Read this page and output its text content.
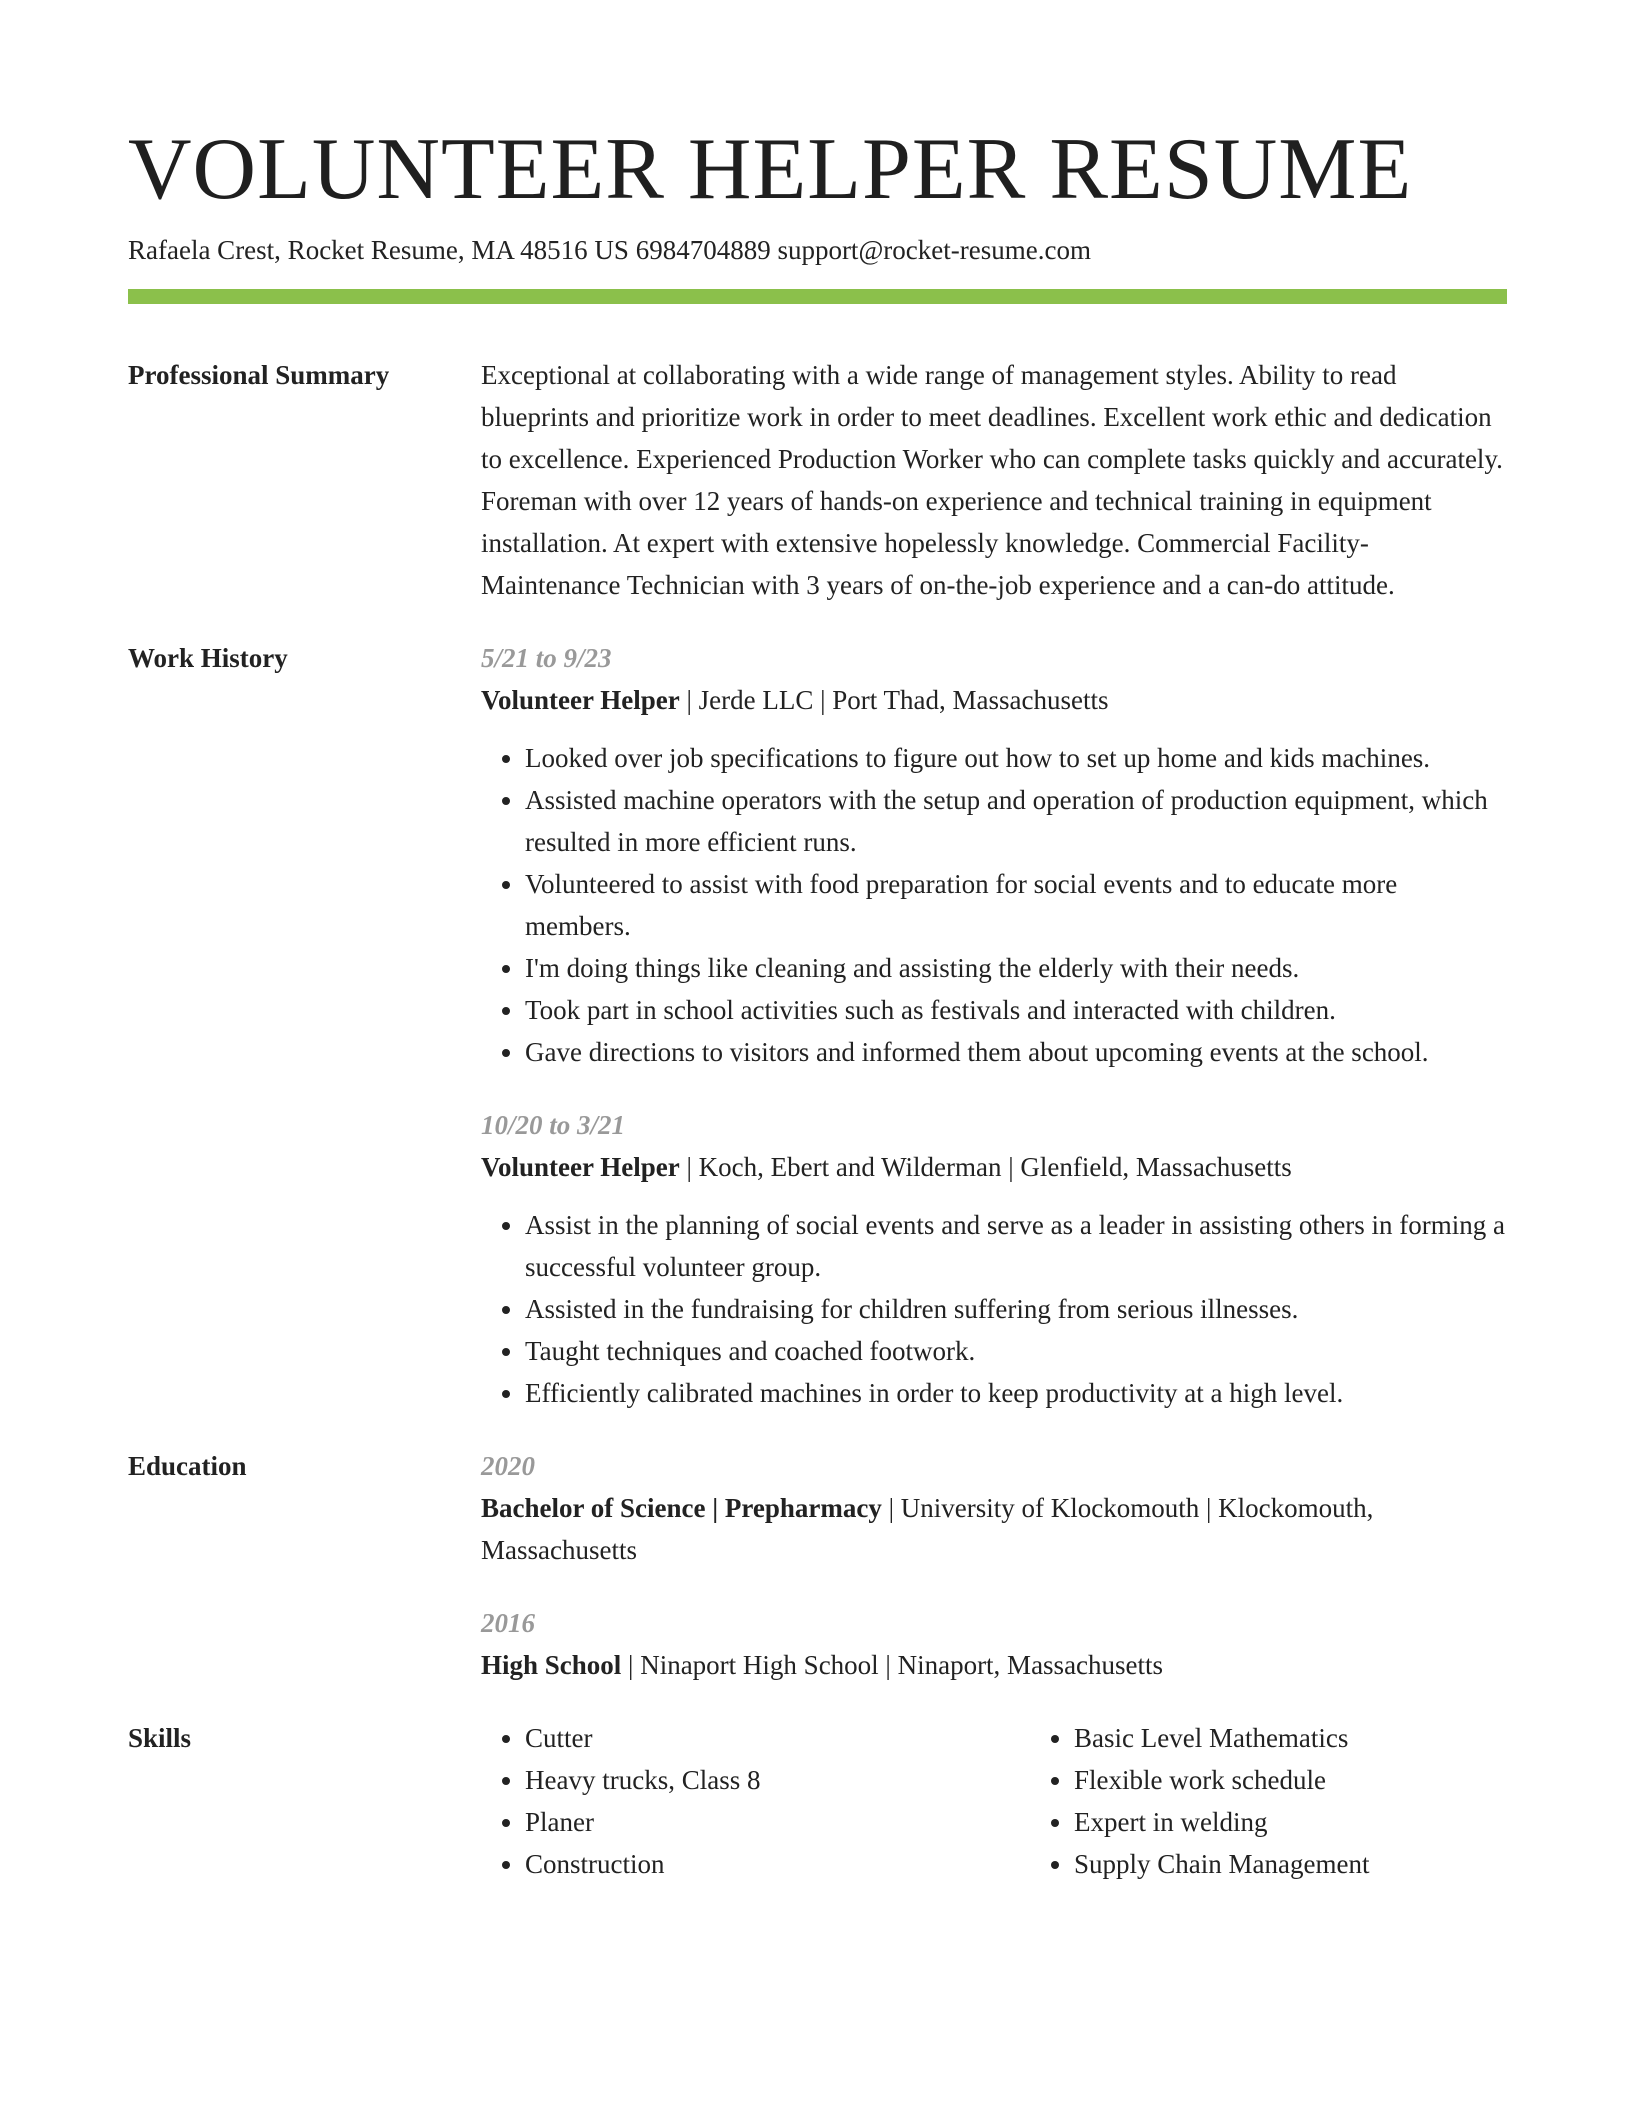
VOLUNTEER HELPER RESUME
Rafaela Crest, Rocket Resume, MA 48516 US 6984704889 support@rocket-resume.com
Professional Summary	Exceptional at collaborating with a wide range of management styles. Ability to read blueprints and prioritize work in order to meet deadlines. Excellent work ethic and dedication to excellence. Experienced Production Worker who can complete tasks quickly and accurately. Foreman with over 12 years of hands-on experience and technical training in equipment installation. At expert with extensive hopelessly knowledge. Commercial Facility-Maintenance Technician with 3 years of on-the-job experience and a can-do attitude.
Work History	5/21 to 9/23
Volunteer Helper | Jerde LLC | Port Thad, Massachusetts
• Looked over job specifications to figure out how to set up home and kids machines.
• Assisted machine operators with the setup and operation of production equipment, which resulted in more efficient runs.
• Volunteered to assist with food preparation for social events and to educate more members.
• I'm doing things like cleaning and assisting the elderly with their needs.
• Took part in school activities such as festivals and interacted with children.
• Gave directions to visitors and informed them about upcoming events at the school.
10/20 to 3/21
Volunteer Helper | Koch, Ebert and Wilderman | Glenfield, Massachusetts
• Assist in the planning of social events and serve as a leader in assisting others in forming a successful volunteer group.
• Assisted in the fundraising for children suffering from serious illnesses.
• Taught techniques and coached footwork.
• Efficiently calibrated machines in order to keep productivity at a high level.
Education	2020
Bachelor of Science | Prepharmacy | University of Klockomouth | Klockomouth, Massachusetts
2016
High School | Ninaport High School | Ninaport, Massachusetts
Skills
•	Cutter
• Heavy trucks, Class 8
• Planer
• Construction
• Basic Level Mathematics
• Flexible work schedule
• Expert in welding
• Supply Chain Management
